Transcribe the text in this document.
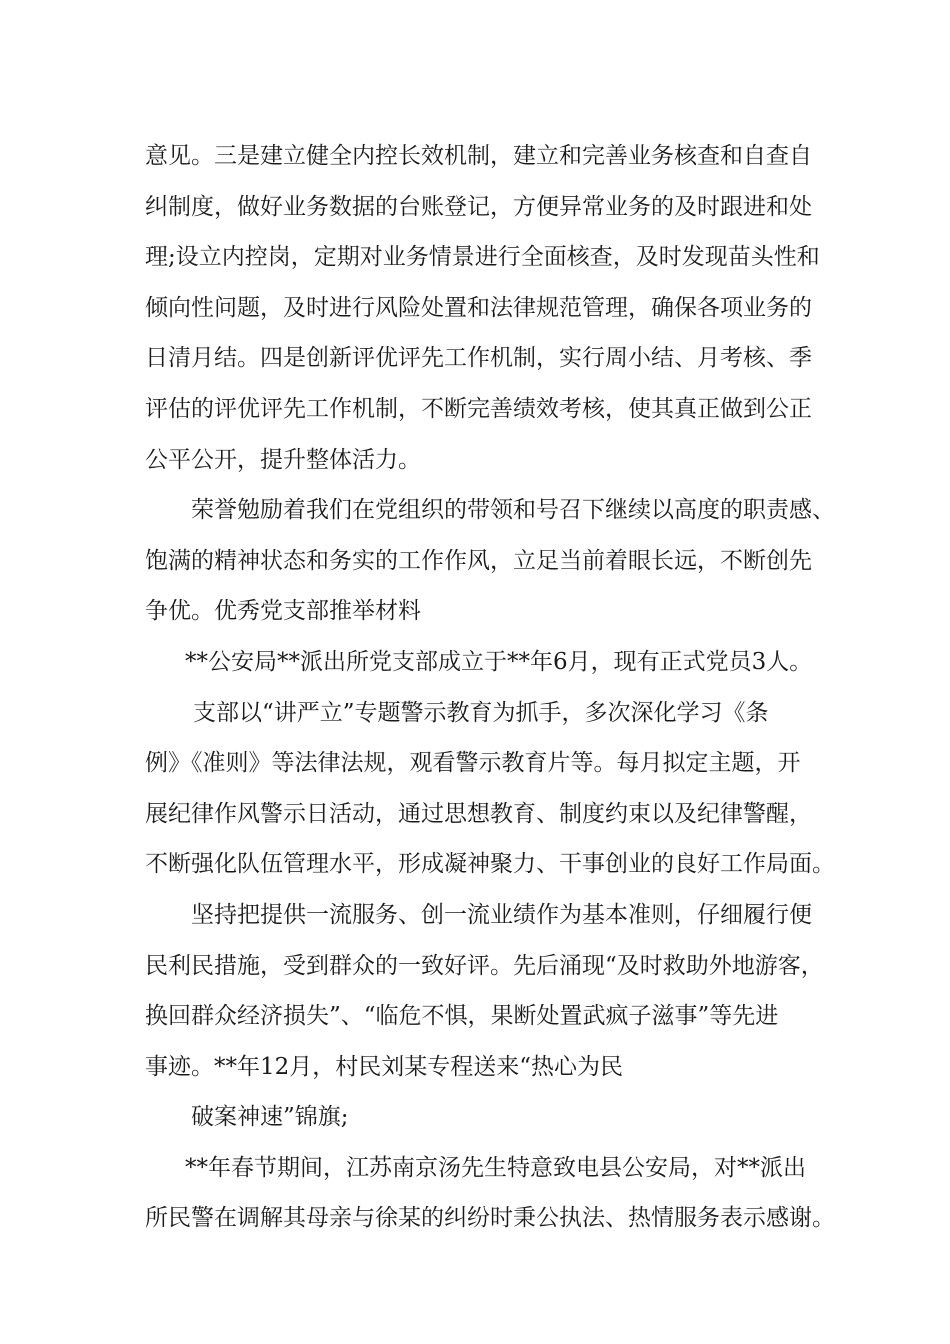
意见。三是建立健全内控长效机制，建立和完善业务核查和自查自
纠制度，做好业务数据的台账登记，方便异常业务的及时跟进和处
理;设立内控岗，定期对业务情景进行全面核查，及时发现苗头性和
倾向性问题，及时进行风险处置和法律规范管理，确保各项业务的
日清月结。四是创新评优评先工作机制，实行周小结、月考核、季
评估的评优评先工作机制，不断完善绩效考核，使其真正做到公正
公平公开，提升整体活力。
荣誉勉励着我们在党组织的带领和号召下继续以高度的职责感、
饱满的精神状态和务实的工作作风，立足当前着眼长远，不断创先
争优。优秀党支部推举材料
**公安局**派出所党支部成立于**年6月，现有正式党员3人。
支部以“讲严立”专题警示教育为抓手，多次深化学习《条
例》《准则》等法律法规，观看警示教育片等。每月拟定主题，开
展纪律作风警示日活动，通过思想教育、制度约束以及纪律警醒，
不断强化队伍管理水平，形成凝神聚力、干事创业的良好工作局面。
坚持把提供一流服务、创一流业绩作为基本准则，仔细履行便
民利民措施，受到群众的一致好评。先后涌现“及时救助外地游客，
换回群众经济损失”、“临危不惧，果断处置武疯子滋事”等先进
事迹。**年12月，村民刘某专程送来“热心为民
破案神速”锦旗;
**年春节期间，江苏南京汤先生特意致电县公安局，对**派出
所民警在调解其母亲与徐某的纠纷时秉公执法、热情服务表示感谢。
